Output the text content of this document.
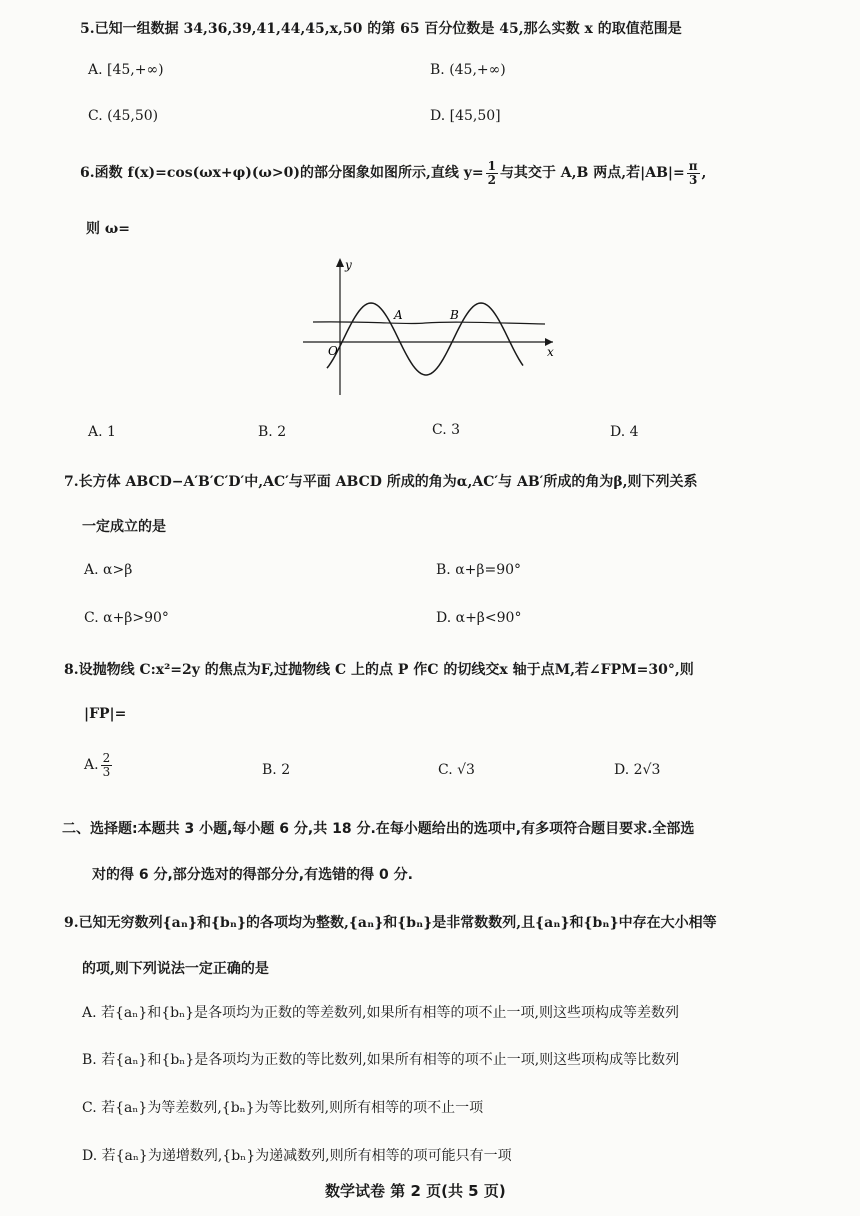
5.已知一组数据 34,36,39,41,44,45,x,50 的第 65 百分位数是 45,那么实数 x 的取值范围是
A. [45,+∞)	B. (45,+∞)
C. (45,50)	D. [45,50]
6.函数 f(x)=cos(ωx+φ)(ω>0)的部分图象如图所示,直线 $y= \frac{1}{2}$ 与其交于 A,B 两点,若$|AB|= \frac{\pi}{3}$ ,
则 ω=
y
x
O
A	B
A. 1	B. 2	C. 3	D. 4
7.长方体 ABCD−A′B′C′D′中,AC′与平面 ABCD 所成的角为α,AC′与 AB′所成的角为β,则下列关系
一定成立的是
A. α>β	B. α+β=90°
C. α+β>90°	D. α+β<90°
8.设抛物线 C:x²=2y 的焦点为F,过抛物线 C 上的点 P 作C 的切线交x 轴于点M,若∠FPM=30°,则
|FP|=
A. $\frac{2}{3}$	B. 2	C. √3	D. 2√3
二、选择题:本题共 3 小题,每小题 6 分,共 18 分.在每小题给出的选项中,有多项符合题目要求.全部选
对的得 6 分,部分选对的得部分分,有选错的得 0 分.
9.已知无穷数列{aₙ}和{bₙ}的各项均为整数,{aₙ}和{bₙ}是非常数数列,且{aₙ}和{bₙ}中存在大小相等
的项,则下列说法一定正确的是
A. 若{aₙ}和{bₙ}是各项均为正数的等差数列,如果所有相等的项不止一项,则这些项构成等差数列
B. 若{aₙ}和{bₙ}是各项均为正数的等比数列,如果所有相等的项不止一项,则这些项构成等比数列
C. 若{aₙ}为等差数列,{bₙ}为等比数列,则所有相等的项不止一项
D. 若{aₙ}为递增数列,{bₙ}为递减数列,则所有相等的项可能只有一项
数学试卷 第 2 页(共 5 页)
